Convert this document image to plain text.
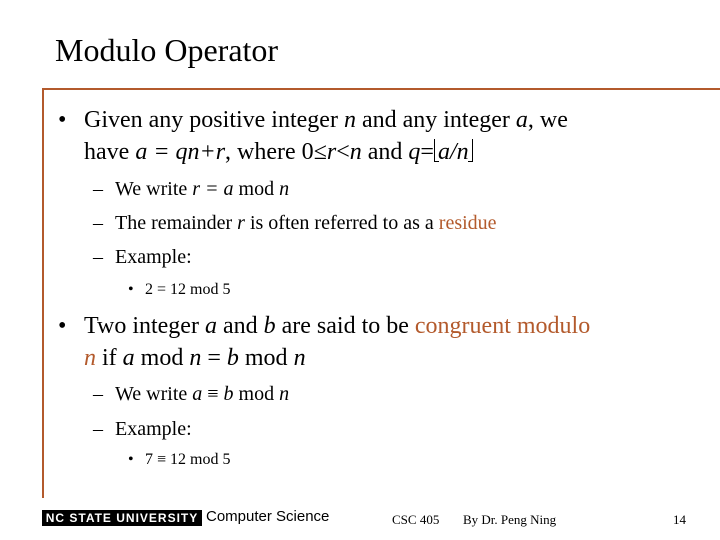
Modulo Operator
• Given any positive integer n and any integer a, we
have a = qn+r, where 0≤r<n and q= a/n
– We write r = a mod n
– The remainder r is often referred to as a residue
– Example:
• 2 = 12 mod 5
• Two integer a and b are said to be congruent modulo
n if a mod n = b mod n
– We write a ≡ b mod n
– Example:
• 7 ≡ 12 mod 5
NC STATE UNIVERSITY Computer Science	CSC 405 By Dr. Peng Ning	14
